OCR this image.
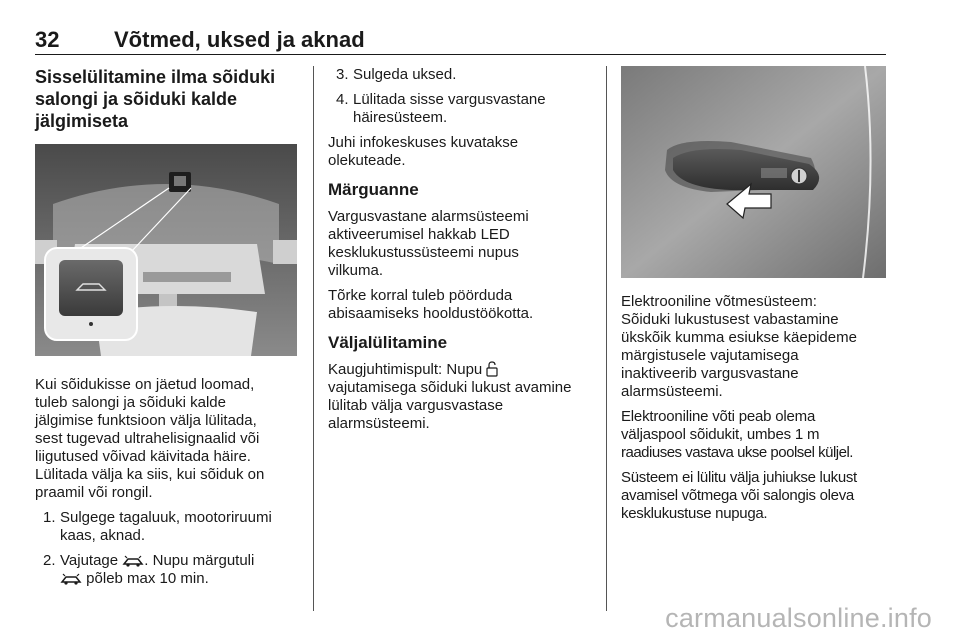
32 Võtmed, uksed ja aknad
Sisselülitamine ilma sõiduki
salongi ja sõiduki kalde
jälgimiseta

Kui sõidukisse on jäetud loomad,
tuleb salongi ja sõiduki kalde
jälgimise funktsioon välja lülitada,
sest tugevad ultrahelisignaalid või
liigutused võivad käivitada häire.
Lülitada välja ka siis, kui sõiduk on
praamil või rongil.

1. Sulgege tagaluuk, mootoriruumi
kaas, aknad.
2. Vajutage . Nupu märgutuli
põleb max 10 min.
3. Sulgeda uksed.
4. Lülitada sisse vargusvastane
häiresüsteem.

Juhi infokeskuses kuvatakse
olekuteade.

Märguanne

Vargusvastane alarmsüsteemi
aktiveerumisel hakkab LED
kesklukustussüsteemi nupus
vilkuma.

Tõrke korral tuleb pöörduda
abisaamiseks hooldustöökotta.

Väljalülitamine

Kaugjuhtimispult: Nupu
vajutamisega sõiduki lukust avamine
lülitab välja vargusvastase
alarmsüsteemi.

Elektrooniline võtmesüsteem:
Sõiduki lukustusest vabastamine
ükskõik kumma esiukse käepideme
märgistusele vajutamisega
inaktiveerib vargusvastane
alarmsüsteemi.

Elektrooniline võti peab olema
väljaspool sõidukit, umbes 1 m
raadiuses vastava ukse poolsel küljel.

Süsteem ei lülitu välja juhiukse lukust
avamisel võtmega või salongis oleva
kesklukustuse nupuga.

carmanualsonline.info
